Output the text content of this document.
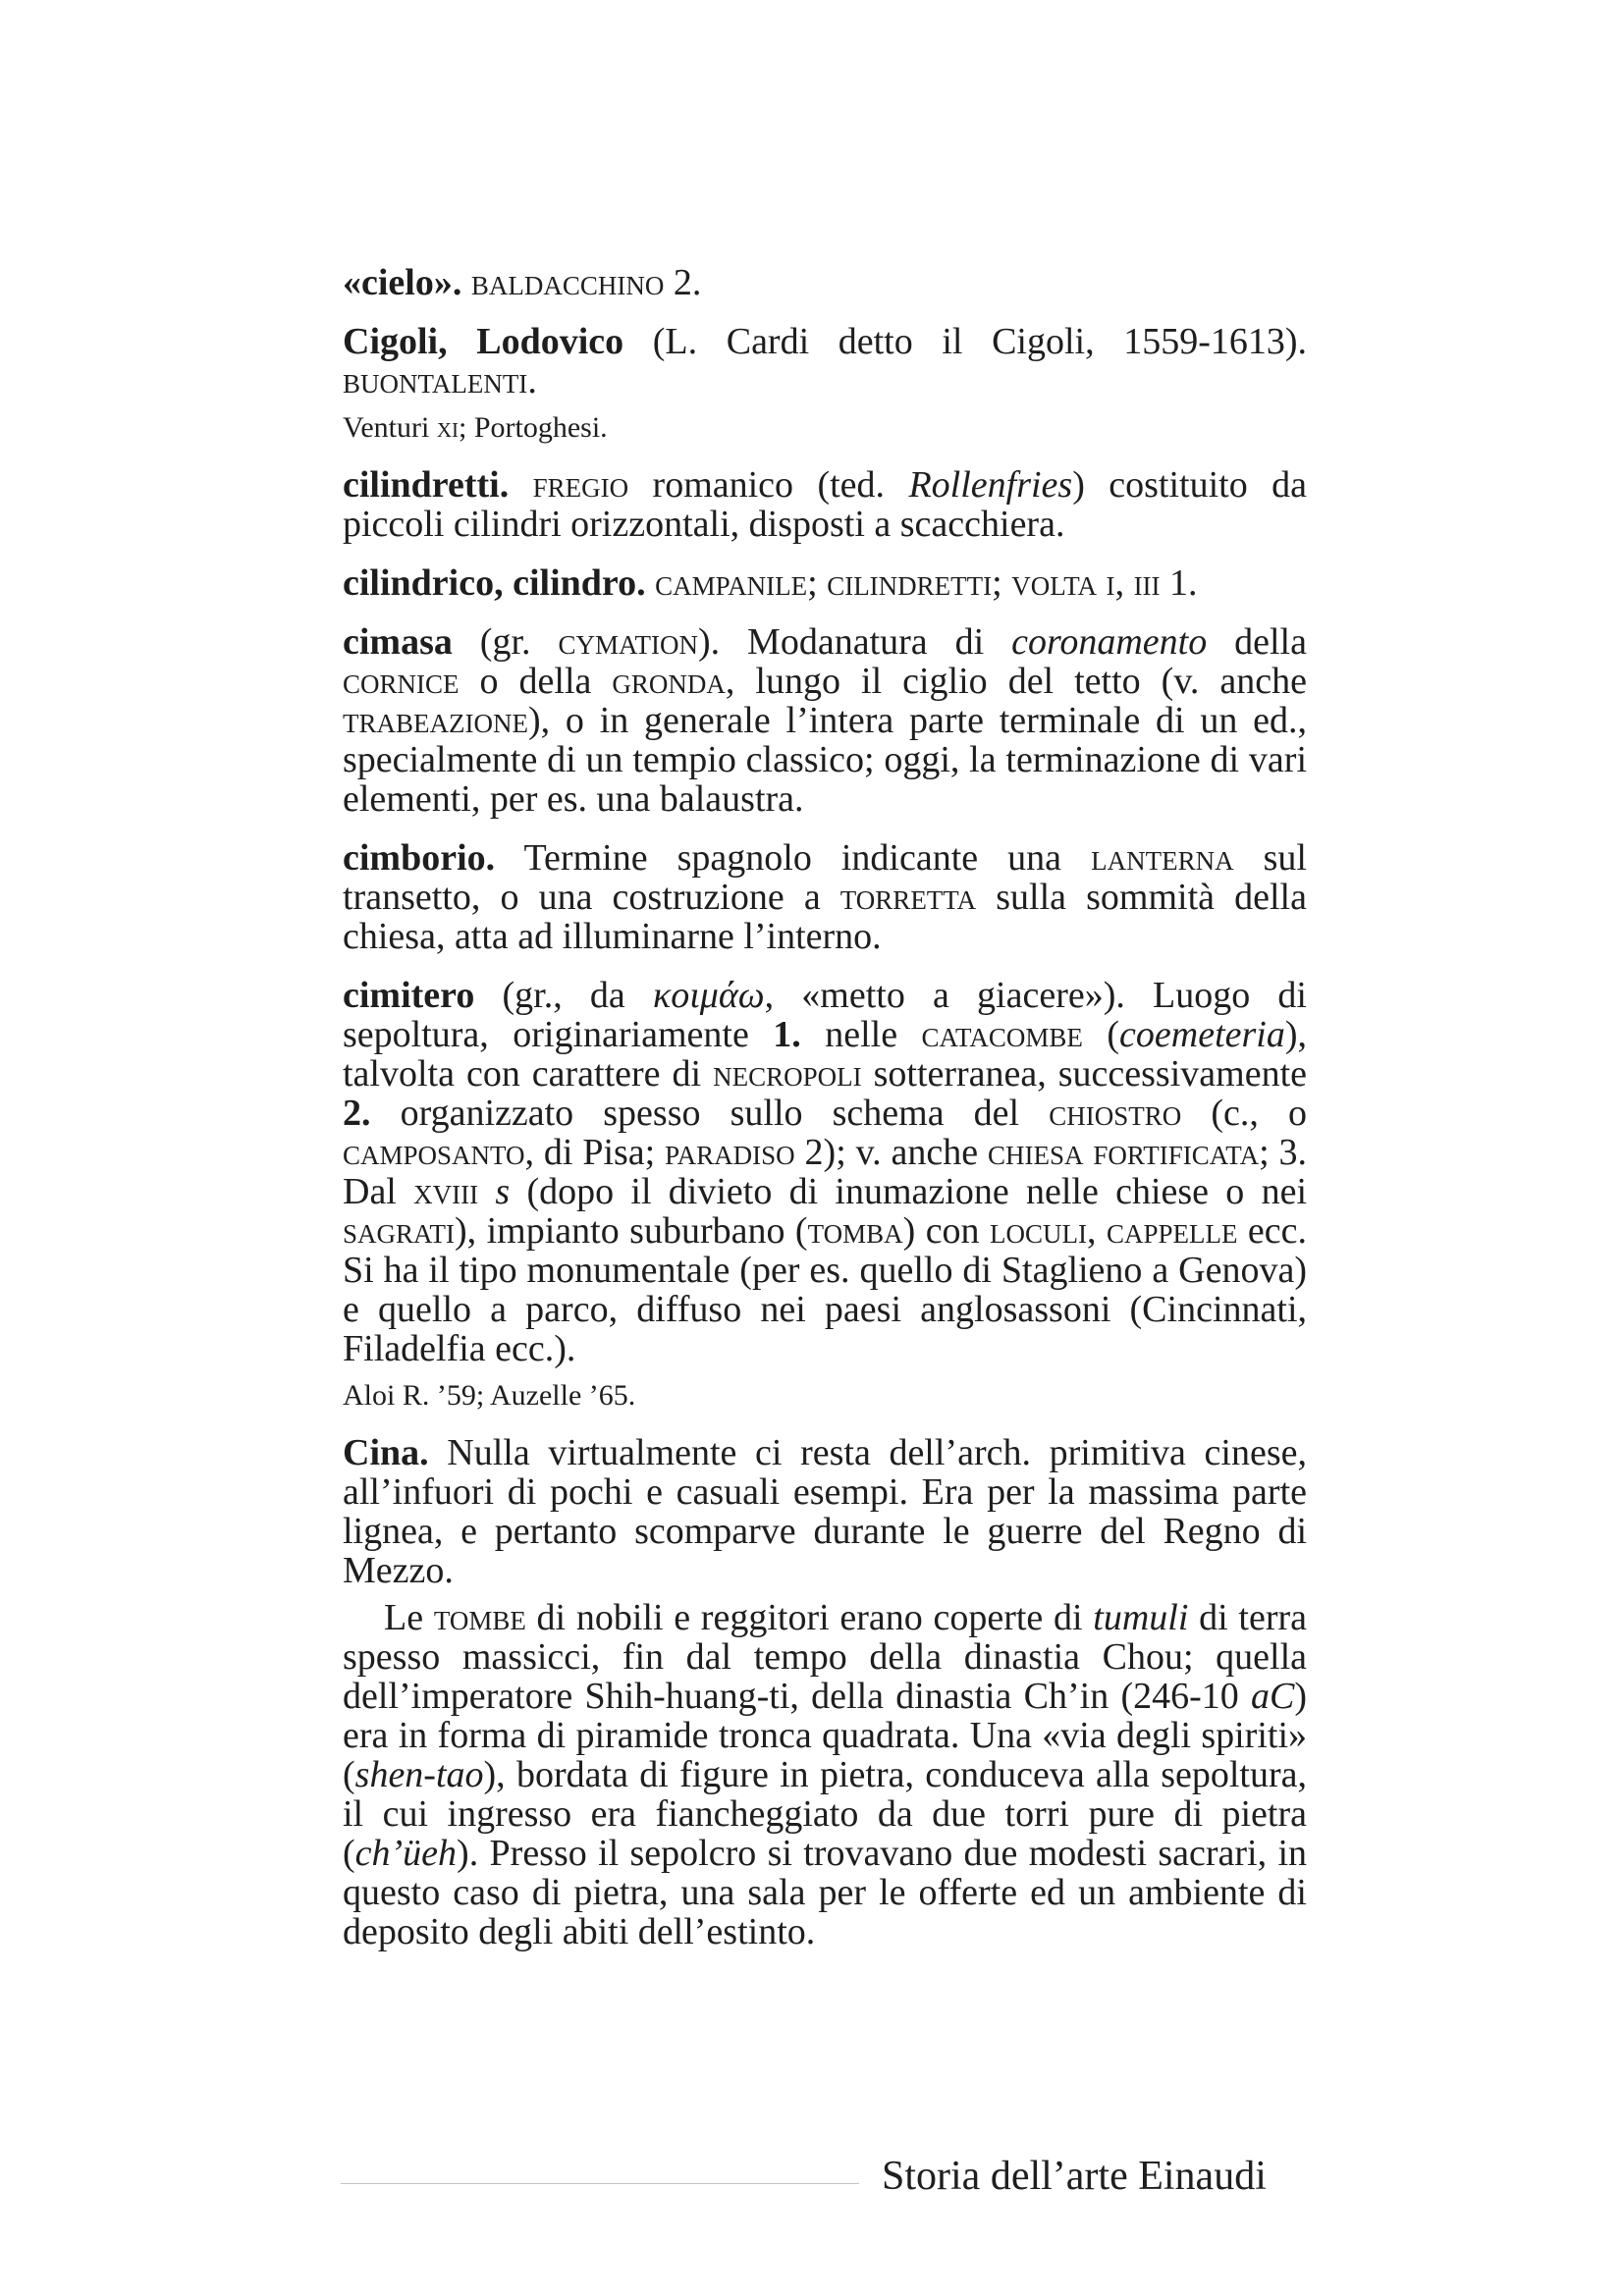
«cielo». baldacchino 2.
Cigoli, Lodovico (L. Cardi detto il Cigoli, 1559-1613). buontalenti.
Venturi xi; Portoghesi.
cilindretti. fregio romanico (ted. Rollenfries) costituito da piccoli cilindri orizzontali, disposti a scacchiera.
cilindrico, cilindro. campanile; cilindretti; volta i, iii 1.
cimasa (gr. cymation). Modanatura di coronamento della cornice o della gronda, lungo il ciglio del tetto (v. anche trabeazione), o in generale l’intera parte terminale di un ed., specialmente di un tempio classico; oggi, la terminazione di vari elementi, per es. una balaustra.
cimborio. Termine spagnolo indicante una lanterna sul transetto, o una costruzione a torretta sulla sommità della chiesa, atta ad illuminarne l’interno.
cimitero (gr., da κοιμάω, «metto a giacere»). Luogo di sepoltura, originariamente 1. nelle catacombe (coemeteria), talvolta con carattere di necropoli sotterranea, successivamente 2. organizzato spesso sullo schema del chiostro (c., o camposanto, di Pisa; paradiso 2); v. anche chiesa fortificata; 3. Dal xviii s (dopo il divieto di inumazione nelle chiese o nei sagrati), impianto suburbano (tomba) con loculi, cappelle ecc. Si ha il tipo monumentale (per es. quello di Staglieno a Genova) e quello a parco, diffuso nei paesi anglosassoni (Cincinnati, Filadelfia ecc.).
Aloi R. ’59; Auzelle ’65.
Cina. Nulla virtualmente ci resta dell’arch. primitiva cinese, all’infuori di pochi e casuali esempi. Era per la massima parte lignea, e pertanto scomparve durante le guerre del Regno di Mezzo.
Le tombe di nobili e reggitori erano coperte di tumuli di terra spesso massicci, fin dal tempo della dinastia Chou; quella dell’imperatore Shih-huang-ti, della dinastia Ch’in (246-10 aC) era in forma di piramide tronca quadrata. Una «via degli spiriti» (shen-tao), bordata di figure in pietra, conduceva alla sepoltura, il cui ingresso era fiancheggiato da due torri pure di pietra (ch’üeh). Presso il sepolcro si trovavano due modesti sacrari, in questo caso di pietra, una sala per le offerte ed un ambiente di deposito degli abiti dell’estinto.
Storia dell’arte Einaudi
